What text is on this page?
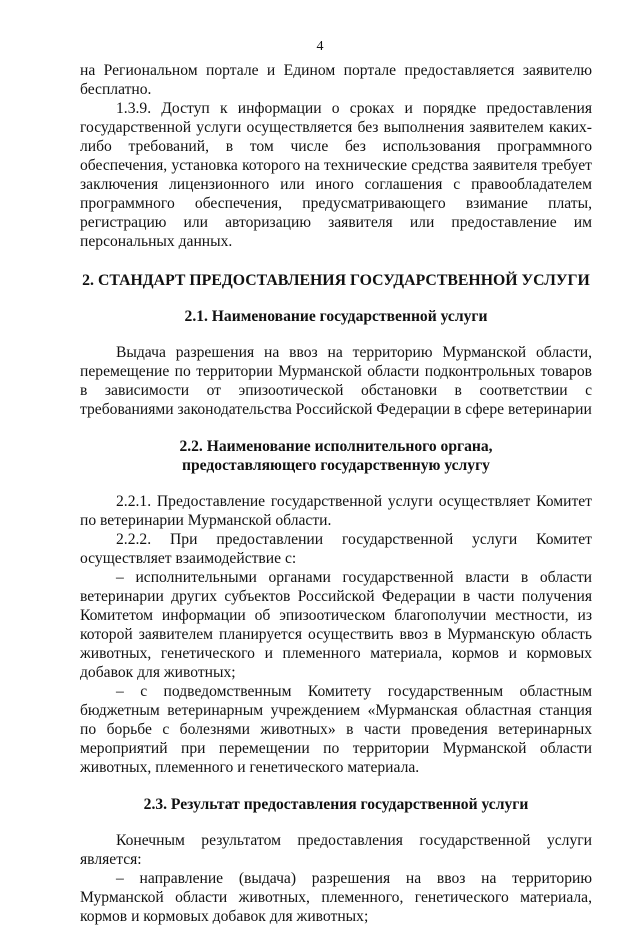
4

на Региональном портале и Едином портале предоставляется заявителю бесплатно.

1.3.9. Доступ к информации о сроках и порядке предоставления государственной услуги осуществляется без выполнения заявителем каких-либо требований, в том числе без использования программного обеспечения, установка которого на технические средства заявителя требует заключения лицензионного или иного соглашения с правообладателем программного обеспечения, предусматривающего взимание платы, регистрацию или авторизацию заявителя или предоставление им персональных данных.

2. СТАНДАРТ ПРЕДОСТАВЛЕНИЯ ГОСУДАРСТВЕННОЙ УСЛУГИ

2.1. Наименование государственной услуги

Выдача разрешения на ввоз на территорию Мурманской области, перемещение по территории Мурманской области подконтрольных товаров в зависимости от эпизоотической обстановки в соответствии с требованиями законодательства Российской Федерации в сфере ветеринарии

2.2. Наименование исполнительного органа,
предоставляющего государственную услугу

2.2.1. Предоставление государственной услуги осуществляет Комитет по ветеринарии Мурманской области.

2.2.2. При предоставлении государственной услуги Комитет осуществляет взаимодействие с:

– исполнительными органами государственной власти в области ветеринарии других субъектов Российской Федерации в части получения Комитетом информации об эпизоотическом благополучии местности, из которой заявителем планируется осуществить ввоз в Мурманскую область животных, генетического и племенного материала, кормов и кормовых добавок для животных;

– с подведомственным Комитету государственным областным бюджетным ветеринарным учреждением «Мурманская областная станция по борьбе с болезнями животных» в части проведения ветеринарных мероприятий при перемещении по территории Мурманской области животных, племенного и генетического материала.

2.3. Результат предоставления государственной услуги

Конечным результатом предоставления государственной услуги является:

– направление (выдача) разрешения на ввоз на территорию Мурманской области животных, племенного, генетического материала, кормов и кормовых добавок для животных;
